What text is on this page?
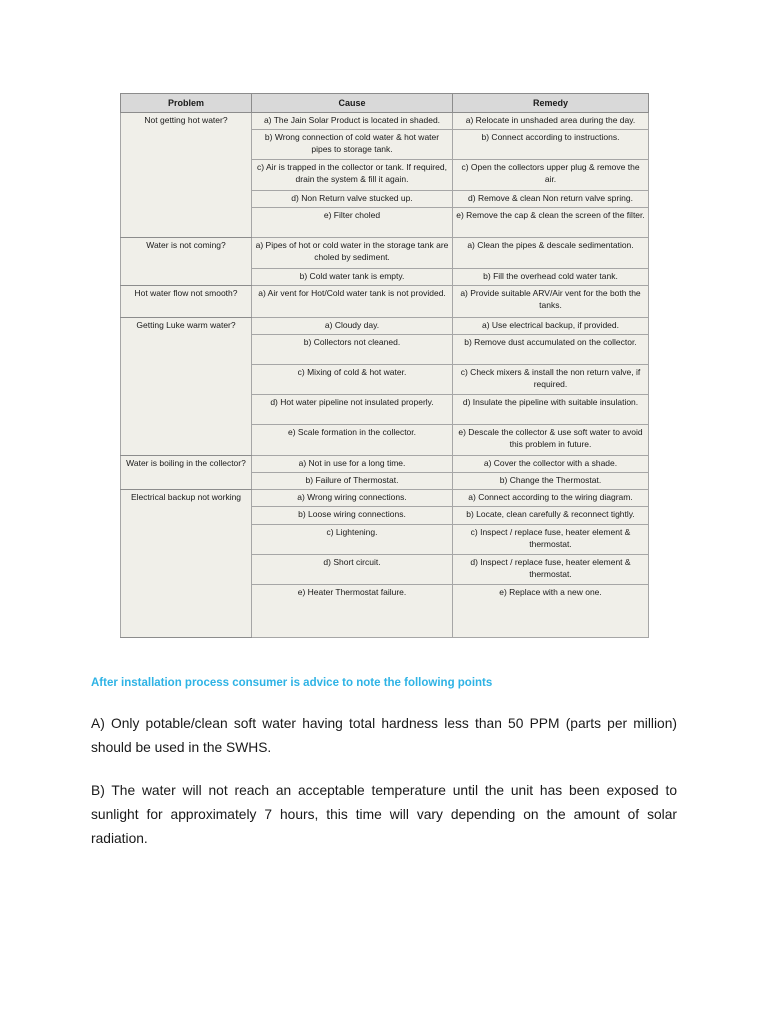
Problem	Cause	Remedy
Not getting hot water?	a) The Jain Solar Product is located in shaded.	a) Relocate in unshaded area during the day.
	b) Wrong connection of cold water & hot water pipes to storage tank.	b) Connect according to instructions.
	c) Air is trapped in the collector or tank. If required, drain the system & fill it again.	c) Open the collectors upper plug & remove the air.
	d) Non Return valve stucked up.	d) Remove & clean Non return valve spring.
	e) Filter choled	e) Remove the cap & clean the screen of the filter.
Water is not coming?	a) Pipes of hot or cold water in the storage tank are choled by sediment.	a) Clean the pipes & descale sedimentation.
	b) Cold water tank is empty.	b) Fill the overhead cold water tank.
Hot water flow not smooth?	a) Air vent for Hot/Cold water tank is not provided.	a) Provide suitable ARV/Air vent for the both the tanks.
Getting Luke warm water?	a) Cloudy day.	a) Use electrical backup, if provided.
	b) Collectors not cleaned.	b) Remove dust accumulated on the collector.
	c) Mixing of cold & hot water.	c) Check mixers & install the non return valve, if required.
	d) Hot water pipeline not insulated properly.	d) Insulate the pipeline with suitable insulation.
	e) Scale formation in the collector.	e) Descale the collector & use soft water to avoid this problem in future.
Water is boiling in the collector?	a) Not in use for a long time.	a) Cover the collector with a shade.
	b) Failure of Thermostat.	b) Change the Thermostat.
Electrical backup not working	a) Wrong wiring connections.	a) Connect according to the wiring diagram.
	b) Loose wiring connections.	b) Locate, clean carefully & reconnect tightly.
	c) Lightening.	c) Inspect / replace fuse, heater element & thermostat.
	d) Short circuit.	d) Inspect / replace fuse, heater element & thermostat.
	e) Heater Thermostat failure.	e) Replace with a new one.
After installation process consumer is advice to note the following points

A) Only potable/clean soft water having total hardness less than 50 PPM (parts per million) should be used in the SWHS.

B) The water will not reach an acceptable temperature until the unit has been exposed to sunlight for approximately 7 hours, this time will vary depending on the amount of solar radiation.
